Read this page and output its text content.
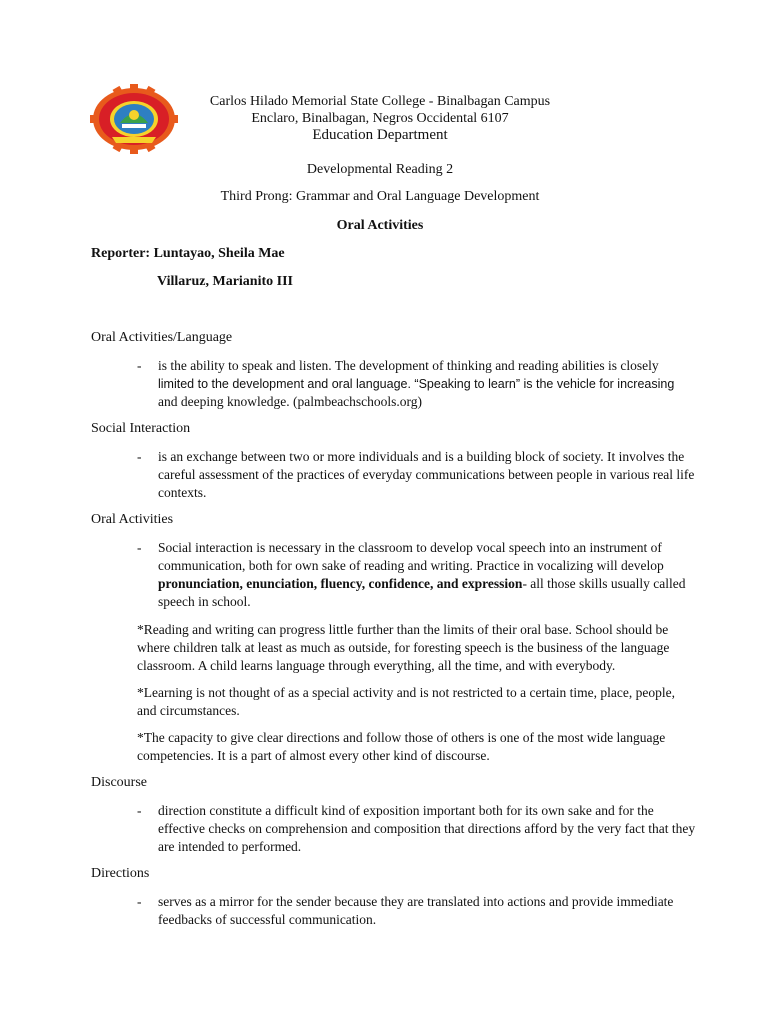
Carlos Hilado Memorial State College - Binalbagan Campus
Enclaro, Binalbagan, Negros Occidental 6107
Education Department
Developmental Reading 2
Third Prong: Grammar and Oral Language Development
Oral Activities
Reporter: Luntayao, Sheila Mae
Villaruz, Marianito III
Oral Activities/Language
- is the ability to speak and listen. The development of thinking and reading abilities is closely
limited to the development and oral language. “Speaking to learn” is the vehicle for increasing
and deeping knowledge. (palmbeachschools.org)
Social Interaction
- is an exchange between two or more individuals and is a building block of society. It involves the careful assessment of the practices of everyday communications between people in various real life contexts.
Oral Activities
- Social interaction is necessary in the classroom to develop vocal speech into an instrument of communication, both for own sake of reading and writing. Practice in vocalizing will develop pronunciation, enunciation, fluency, confidence, and expression- all those skills usually called speech in school.
*Reading and writing can progress little further than the limits of their oral base. School should be where children talk at least as much as outside, for foresting speech is the business of the language classroom. A child learns language through everything, all the time, and with everybody.
*Learning is not thought of as a special activity and is not restricted to a certain time, place, people, and circumstances.
*The capacity to give clear directions and follow those of others is one of the most wide language competencies. It is a part of almost every other kind of discourse.
Discourse
- direction constitute a difficult kind of exposition important both for its own sake and for the effective checks on comprehension and composition that directions afford by the very fact that they are intended to performed.
Directions
- serves as a mirror for the sender because they are translated into actions and provide immediate feedbacks of successful communication.
